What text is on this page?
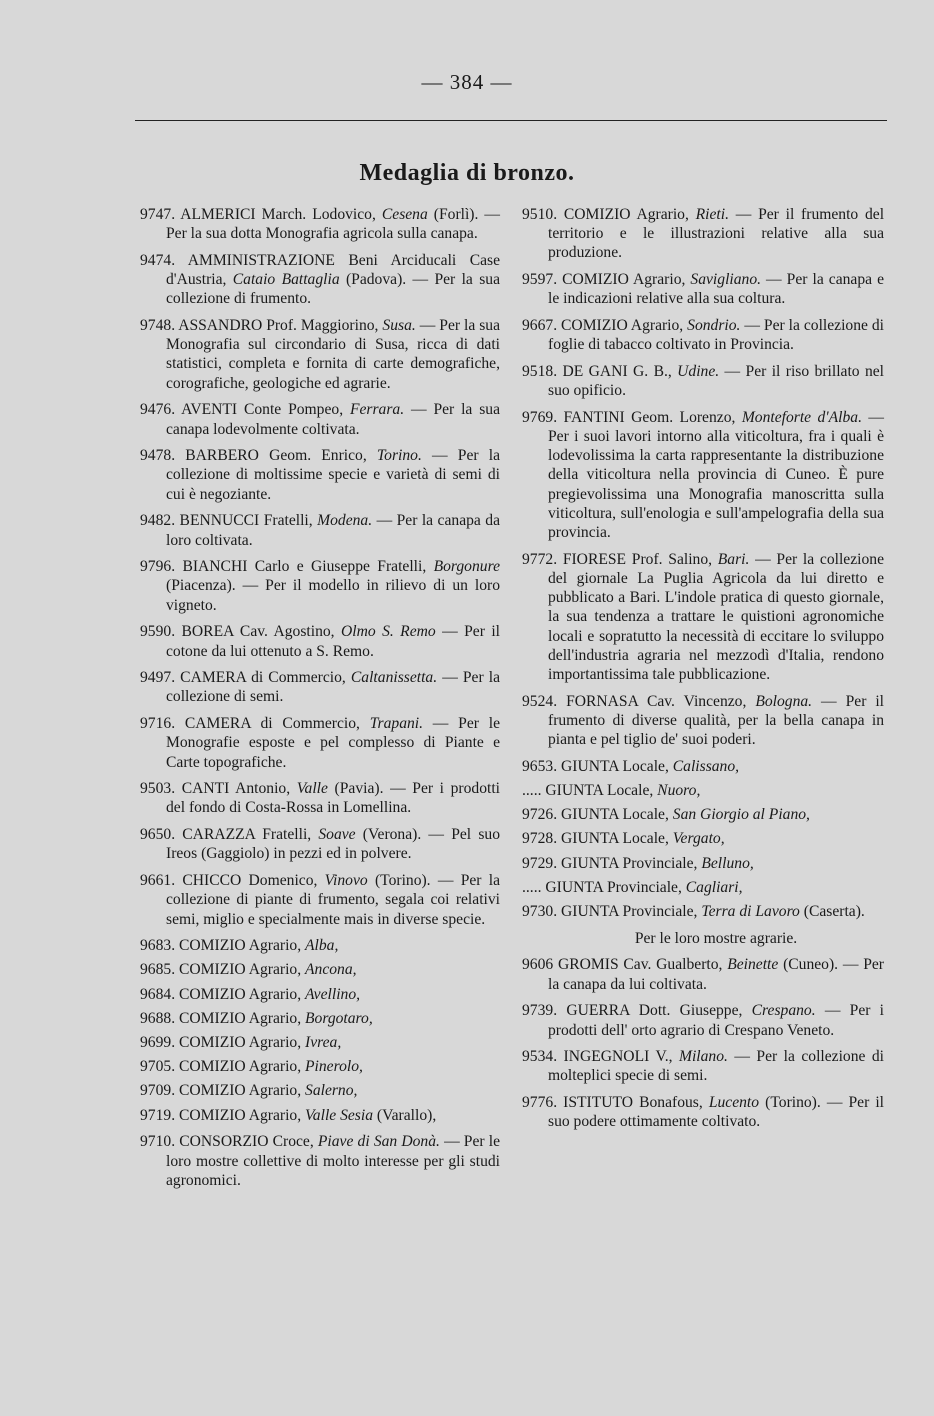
— 384 —
Medaglia di bronzo.

9747. ALMERICI March. Lodovico, Cesena (Forlì). — Per la sua dotta Monografia agricola sulla canapa.

9474. AMMINISTRAZIONE Beni Arciducali Case d'Austria, Cataio Battaglia (Padova). — Per la sua collezione di frumento.

9748. ASSANDRO Prof. Maggiorino, Susa. — Per la sua Monografia sul circondario di Susa, ricca di dati statistici, completa e fornita di carte demografiche, corografiche, geologiche ed agrarie.

9476. AVENTI Conte Pompeo, Ferrara. — Per la sua canapa lodevolmente coltivata.

9478. BARBERO Geom. Enrico, Torino. — Per la collezione di moltissime specie e varietà di semi di cui è negoziante.

9482. BENNUCCI Fratelli, Modena. — Per la canapa da loro coltivata.

9796. BIANCHI Carlo e Giuseppe Fratelli, Borgonure (Piacenza). — Per il modello in rilievo di un loro vigneto.

9590. BOREA Cav. Agostino, Olmo S. Remo — Per il cotone da lui ottenuto a S. Remo.

9497. CAMERA di Commercio, Caltanissetta. — Per la collezione di semi.

9716. CAMERA di Commercio, Trapani. — Per le Monografie esposte e pel complesso di Piante e Carte topografiche.

9503. CANTI Antonio, Valle (Pavia). — Per i prodotti del fondo di Costa-Rossa in Lomellina.

9650. CARAZZA Fratelli, Soave (Verona). — Pel suo Ireos (Gaggiolo) in pezzi ed in polvere.

9661. CHICCO Domenico, Vinovo (Torino). — Per la collezione di piante di frumento, segala coi relativi semi, miglio e specialmente mais in diverse specie.

9683. COMIZIO Agrario, Alba,

9685. COMIZIO Agrario, Ancona,

9684. COMIZIO Agrario, Avellino,

9688. COMIZIO Agrario, Borgotaro,

9699. COMIZIO Agrario, Ivrea,

9705. COMIZIO Agrario, Pinerolo,

9709. COMIZIO Agrario, Salerno,

9719. COMIZIO Agrario, Valle Sesia (Varallo),

9710. CONSORZIO Croce, Piave di San Donà. — Per le loro mostre collettive di molto interesse per gli studi agronomici.

9510. COMIZIO Agrario, Rieti. — Per il frumento del territorio e le illustrazioni relative alla sua produzione.

9597. COMIZIO Agrario, Savigliano. — Per la canapa e le indicazioni relative alla sua coltura.

9667. COMIZIO Agrario, Sondrio. — Per la collezione di foglie di tabacco coltivato in Provincia.

9518. DE GANI G. B., Udine. — Per il riso brillato nel suo opificio.

9769. FANTINI Geom. Lorenzo, Monteforte d'Alba. — Per i suoi lavori intorno alla viticoltura, fra i quali è lodevolissima la carta rappresentante la distribuzione della viticoltura nella provincia di Cuneo. È pure pregievolissima una Monografia manoscritta sulla viticoltura, sull'enologia e sull'ampelografia della sua provincia.

9772. FIORESE Prof. Salino, Bari. — Per la collezione del giornale La Puglia Agricola da lui diretto e pubblicato a Bari. L'indole pratica di questo giornale, la sua tendenza a trattare le quistioni agronomiche locali e sopratutto la necessità di eccitare lo sviluppo dell'industria agraria nel mezzodì d'Italia, rendono importantissima tale pubblicazione.

9524. FORNASA Cav. Vincenzo, Bologna. — Per il frumento di diverse qualità, per la bella canapa in pianta e pel tiglio de' suoi poderi.

9653. GIUNTA Locale, Calissano,

..... GIUNTA Locale, Nuoro,

9726. GIUNTA Locale, San Giorgio al Piano,

9728. GIUNTA Locale, Vergato,

9729. GIUNTA Provinciale, Belluno,

..... GIUNTA Provinciale, Cagliari,

9730. GIUNTA Provinciale, Terra di Lavoro (Caserta).

Per le loro mostre agrarie.

9606 GROMIS Cav. Gualberto, Beinette (Cuneo). — Per la canapa da lui coltivata.

9739. GUERRA Dott. Giuseppe, Crespano. — Per i prodotti dell' orto agrario di Crespano Veneto.

9534. INGEGNOLI V., Milano. — Per la collezione di molteplici specie di semi.

9776. ISTITUTO Bonafous, Lucento (Torino). — Per il suo podere ottimamente coltivato.
